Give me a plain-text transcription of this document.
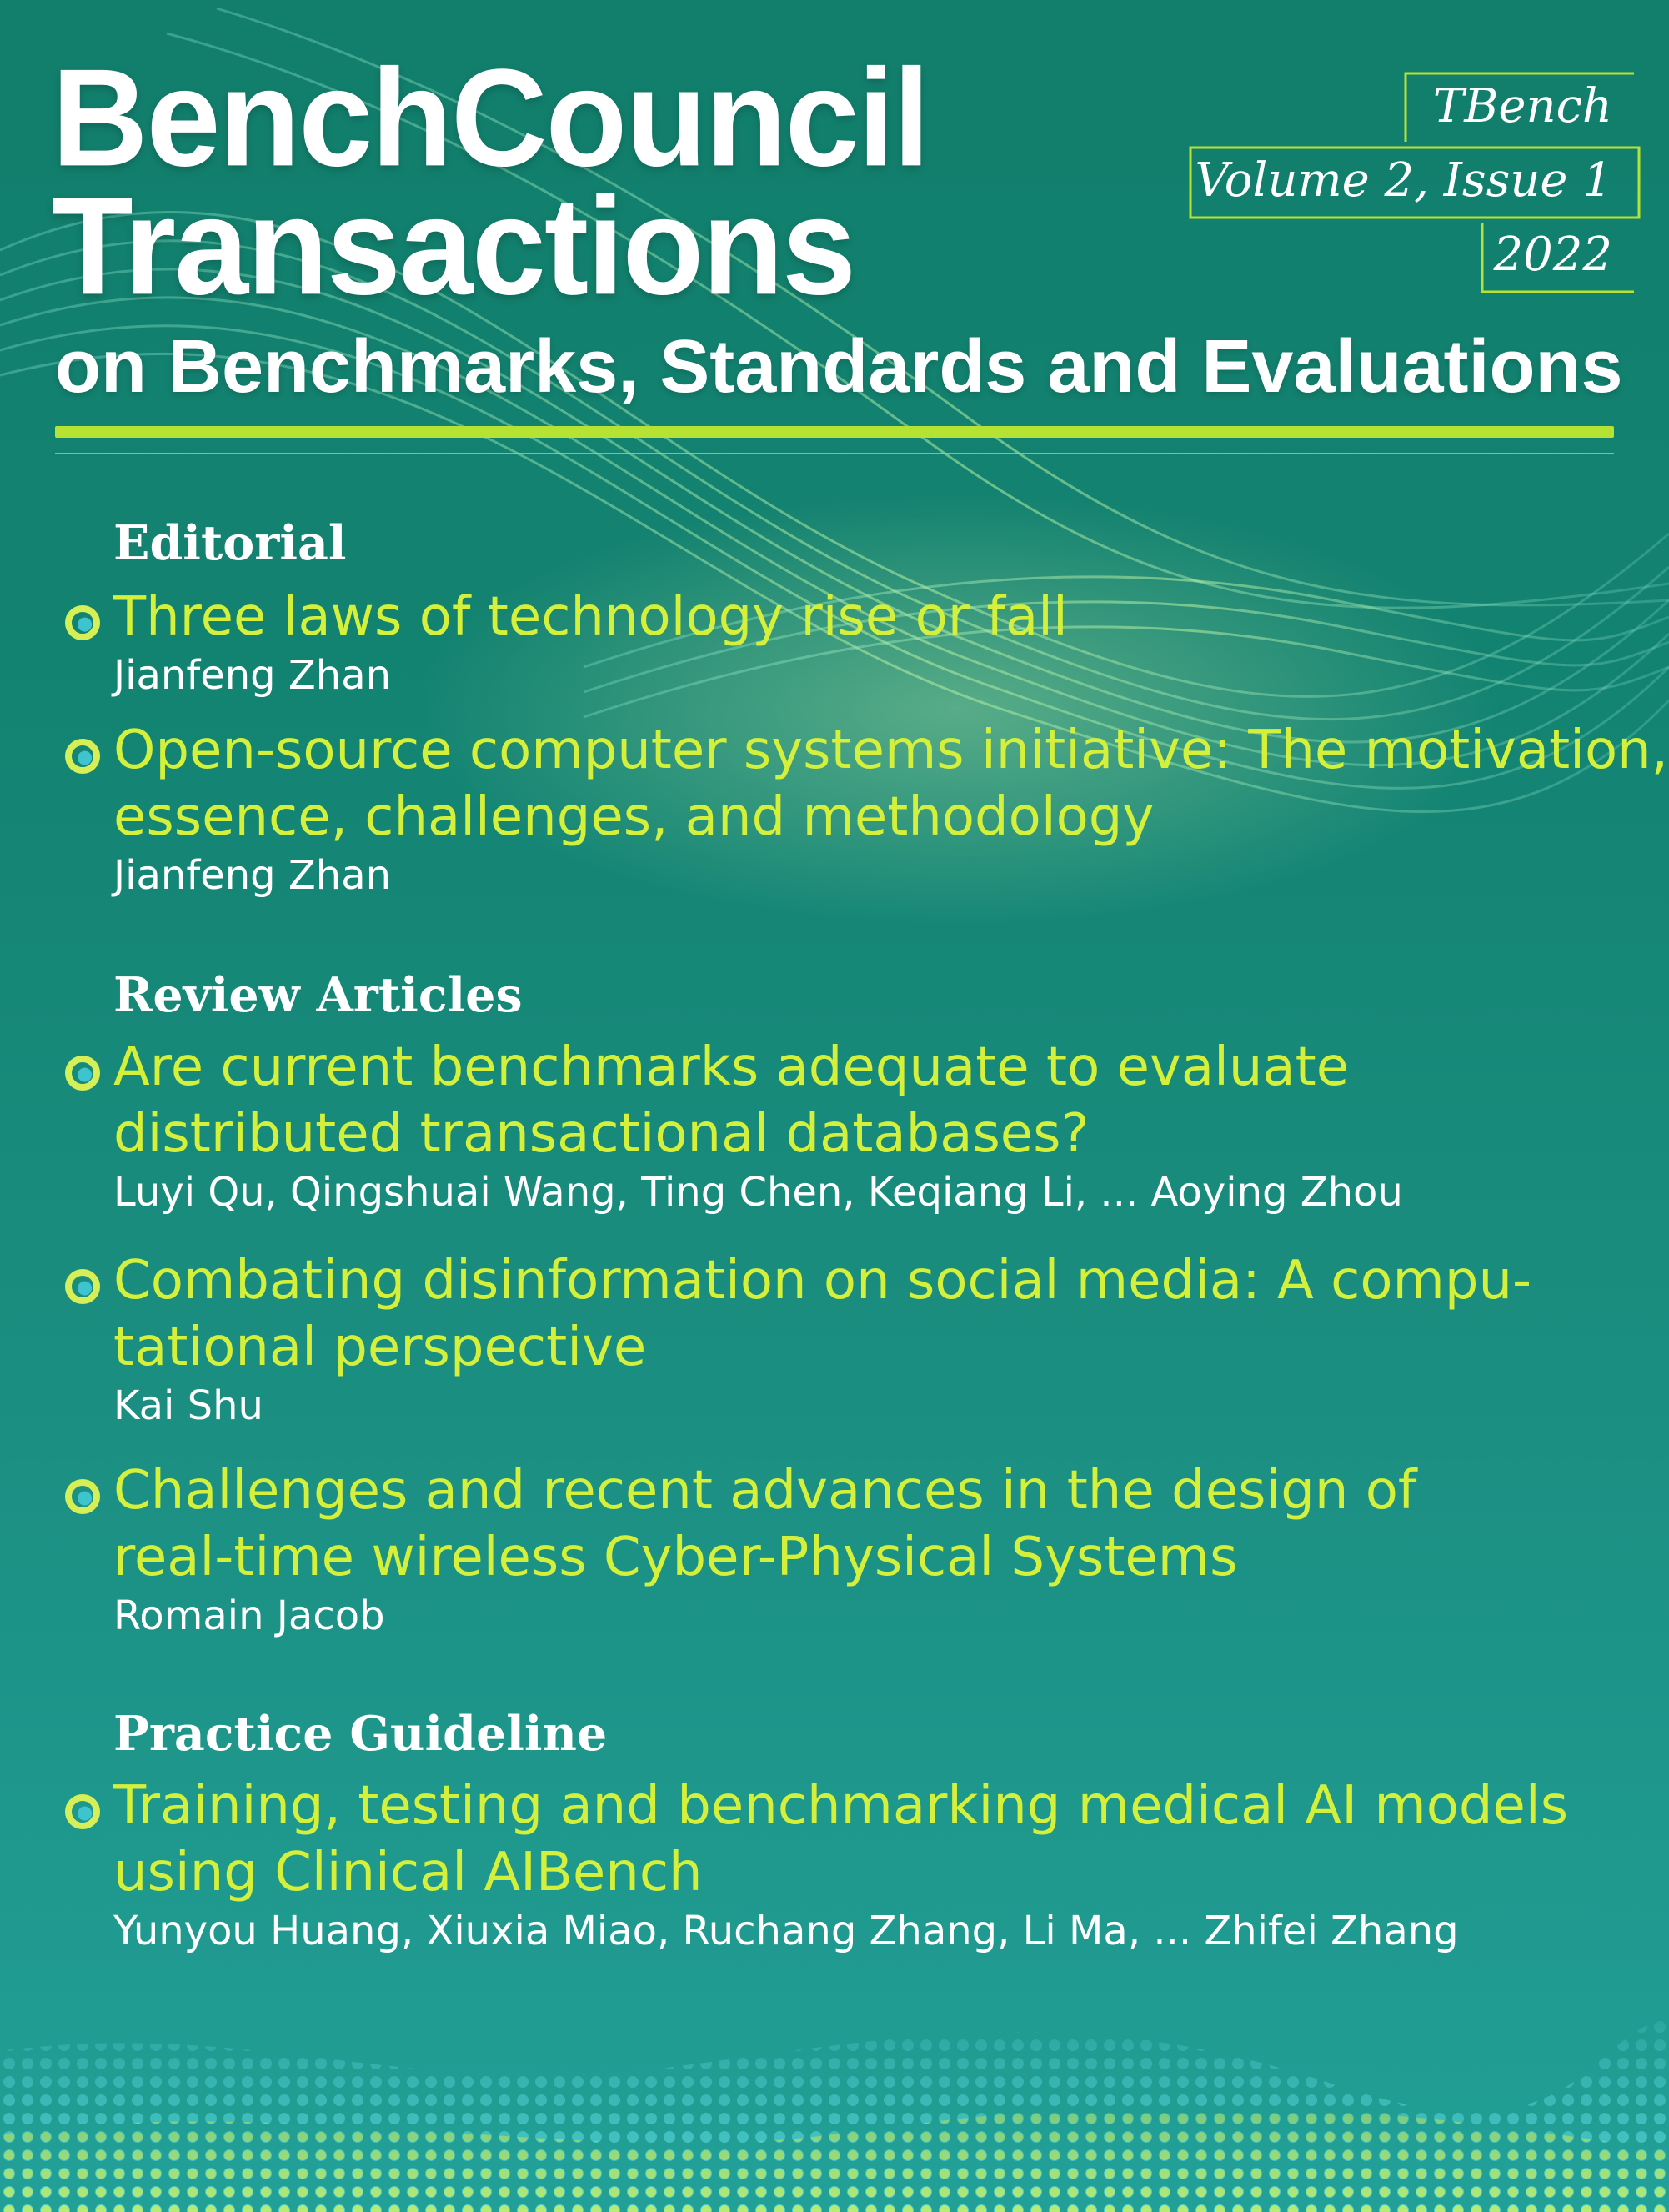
BenchCouncil
Transactions
on Benchmarks, Standards and Evaluations
TBench
Volume 2, Issue 1
2022
Editorial

Three laws of technology rise or fall

Jianfeng Zhan

Open-source computer systems initiative: The motivation,
essence, challenges, and methodology

Jianfeng Zhan

Review Articles

Are current benchmarks adequate to evaluate
distributed transactional databases?

Luyi Qu, Qingshuai Wang, Ting Chen, Keqiang Li, ... Aoying Zhou

Combating disinformation on social media: A compu-
tational perspective

Kai Shu

Challenges and recent advances in the design of
real-time wireless Cyber-Physical Systems

Romain Jacob

Practice Guideline

Training, testing and benchmarking medical AI models
using Clinical AIBench

Yunyou Huang, Xiuxia Miao, Ruchang Zhang, Li Ma, ... Zhifei Zhang
